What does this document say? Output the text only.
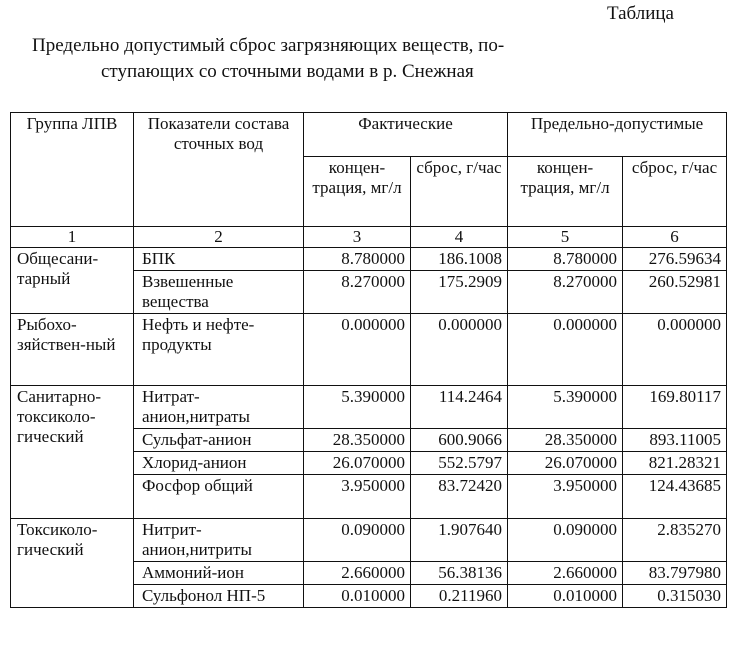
Таблица
Предельно допустимый сброс загрязняющих веществ, по-
ступающих со сточными водами в р. Снежная
Группа ЛПВ	Показатели состава сточных вод	Фактические		Предельно-допустимые	
		концен-трация, мг/л	сброс, г/час	концен-трация, мг/л	сброс, г/час
1	2	3	4	5	6
Общесани-тарный	БПК	8.780000	186.1008	8.780000	276.59634
	Взвешенные вещества	8.270000	175.2909	8.270000	260.52981
Рыбохо-зяйствен-ный	Нефть и нефте-продукты	0.000000	0.000000	0.000000	0.000000
Санитарно-токсиколо-гический	Нитрат-анион,нитраты	5.390000	114.2464	5.390000	169.80117
	Сульфат-анион	28.350000	600.9066	28.350000	893.11005
	Хлорид-анион	26.070000	552.5797	26.070000	821.28321
	Фосфор общий	3.950000	83.72420	3.950000	124.43685
Токсиколо-гический	Нитрит-анион,нитриты	0.090000	1.907640	0.090000	2.835270
	Аммоний-ион	2.660000	56.38136	2.660000	83.797980
	Сульфонол НП-5	0.010000	0.211960	0.010000	0.315030
